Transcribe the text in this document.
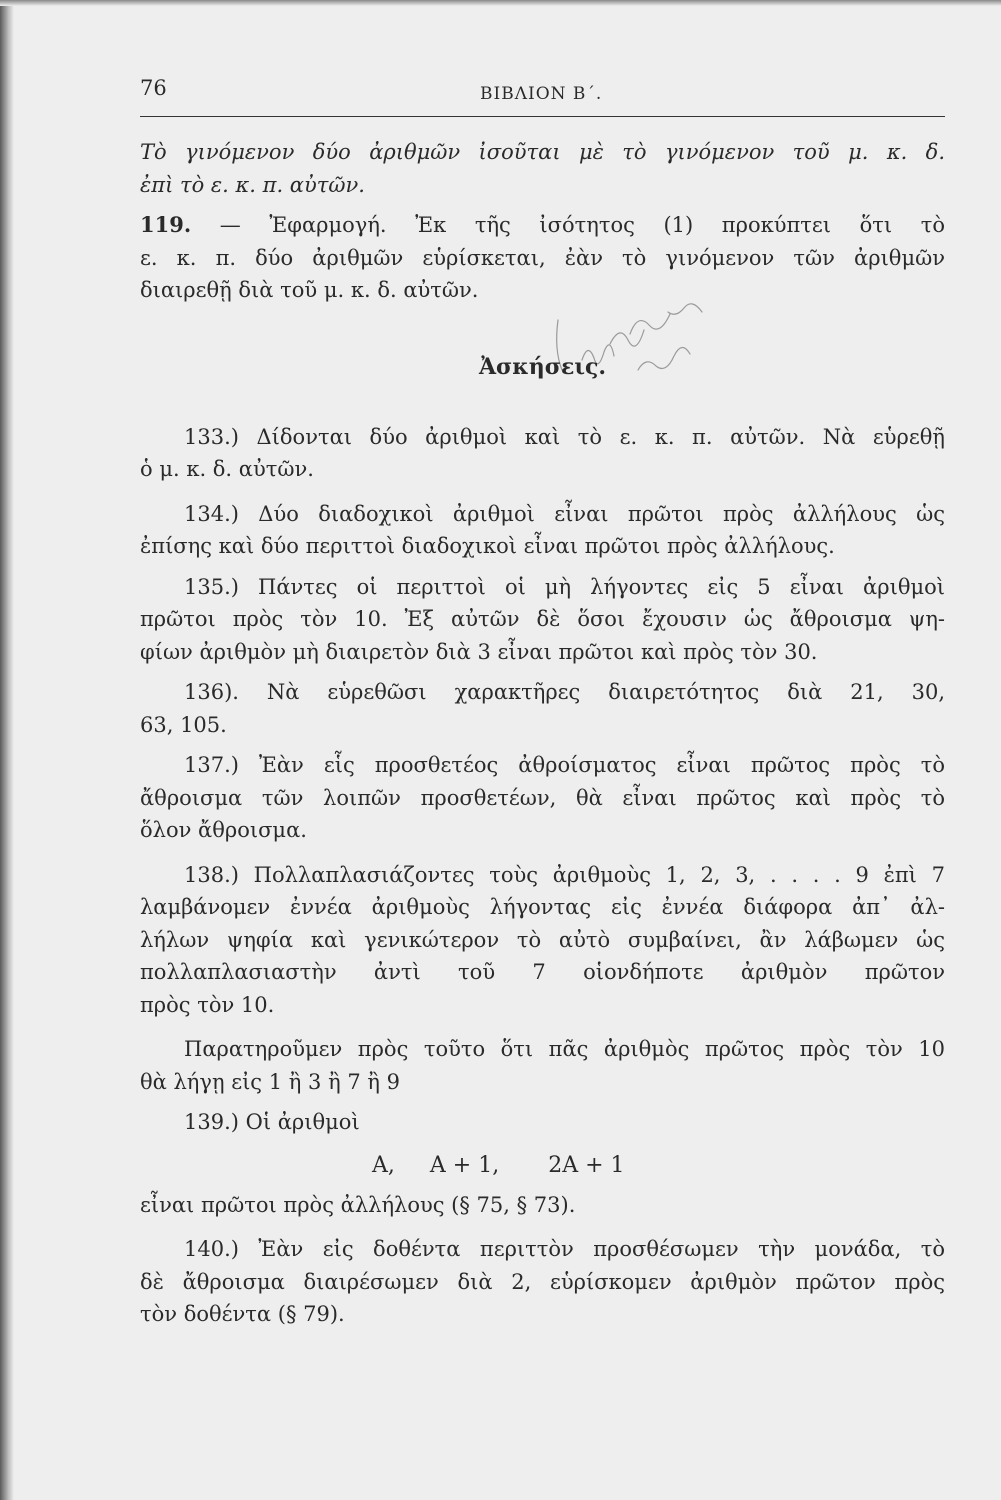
76	ΒΙΒΛΙΟΝ Β΄.

Τὸ γινόμενον δύο ἀριθμῶν ἰσοῦται μὲ τὸ γινόμενον τοῦ μ. κ. δ.

ἐπὶ τὸ ε. κ. π. αὐτῶν.

119. — Ἐφαρμογή. Ἐκ τῆς ἰσότητος (1) προκύπτει ὅτι τὸ

ε. κ. π. δύο ἀριθμῶν εὑρίσκεται, ἐὰν τὸ γινόμενον τῶν ἀριθμῶν

διαιρεθῇ διὰ τοῦ μ. κ. δ. αὐτῶν.

Ἀσκήσεις.

133.) Δίδονται δύο ἀριθμοὶ καὶ τὸ ε. κ. π. αὐτῶν. Νὰ εὑρεθῇ

ὁ μ. κ. δ. αὐτῶν.

134.) Δύο διαδοχικοὶ ἀριθμοὶ εἶναι πρῶτοι πρὸς ἀλλήλους ὡς

ἐπίσης καὶ δύο περιττοὶ διαδοχικοὶ εἶναι πρῶτοι πρὸς ἀλλήλους.

135.) Πάντες οἱ περιττοὶ οἱ μὴ λήγοντες εἰς 5 εἶναι ἀριθμοὶ

πρῶτοι πρὸς τὸν 10. Ἐξ αὐτῶν δὲ ὅσοι ἔχουσιν ὡς ἄθροισμα ψη-

φίων ἀριθμὸν μὴ διαιρετὸν διὰ 3 εἶναι πρῶτοι καὶ πρὸς τὸν 30.

136). Νὰ εὑρεθῶσι χαρακτῆρες διαιρετότητος διὰ 21, 30,

63, 105.

137.) Ἐὰν εἷς προσθετέος ἀθροίσματος εἶναι πρῶτος πρὸς τὸ

ἄθροισμα τῶν λοιπῶν προσθετέων, θὰ εἶναι πρῶτος καὶ πρὸς τὸ

ὅλον ἄθροισμα.

138.) Πολλαπλασιάζοντες τοὺς ἀριθμοὺς 1, 2, 3, . . . . 9 ἐπὶ 7

λαμβάνομεν ἐννέα ἀριθμοὺς λήγοντας εἰς ἐννέα διάφορα ἀπ᾽ ἀλ-

λήλων ψηφία καὶ γενικώτερον τὸ αὐτὸ συμβαίνει, ἂν λάβωμεν ὡς

πολλαπλασιαστὴν ἀντὶ τοῦ 7 οἱονδήποτε ἀριθμὸν πρῶτον

πρὸς τὸν 10.

Παρατηροῦμεν πρὸς τοῦτο ὅτι πᾶς ἀριθμὸς πρῶτος πρὸς τὸν 10

θὰ λήγῃ εἰς 1 ἢ 3 ἢ 7 ἢ 9

139.) Οἱ ἀριθμοὶ

A, A + 1, 2A + 1

εἶναι πρῶτοι πρὸς ἀλλήλους (§ 75, § 73).

140.) Ἐὰν εἰς δοθέντα περιττὸν προσθέσωμεν τὴν μονάδα, τὸ

δὲ ἄθροισμα διαιρέσωμεν διὰ 2, εὑρίσκομεν ἀριθμὸν πρῶτον πρὸς

τὸν δοθέντα (§ 79).
